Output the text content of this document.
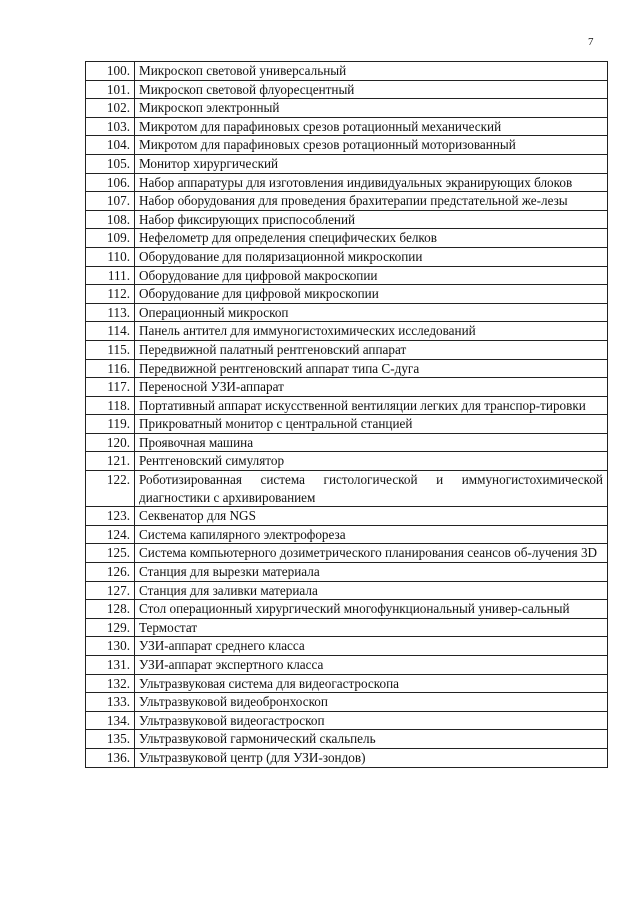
7
100.	Микроскоп световой универсальный
101.	Микроскоп световой флуоресцентный
102.	Микроскоп электронный
103.	Микротом для парафиновых срезов ротационный механический
104.	Микротом для парафиновых срезов ротационный моторизованный
105.	Монитор хирургический
106.	Набор аппаратуры для изготовления индивидуальных экранирующих блоков
107.	Набор оборудования для проведения брахитерапии предстательной же-лезы
108.	Набор фиксирующих приспособлений
109.	Нефелометр для определения специфических белков
110.	Оборудование для поляризационной микроскопии
111.	Оборудование для цифровой макроскопии
112.	Оборудование для цифровой микроскопии
113.	Операционный микроскоп
114.	Панель антител для иммуногистохимических исследований
115.	Передвижной палатный рентгеновский аппарат
116.	Передвижной рентгеновский аппарат типа С-дуга
117.	Переносной УЗИ-аппарат
118.	Портативный аппарат искусственной вентиляции легких для транспор-тировки
119.	Прикроватный монитор с центральной станцией
120.	Проявочная машина
121.	Рентгеновский симулятор
122.	Роботизированная система гистологической и иммуногистохимической диагностики с архивированием
123.	Секвенатор для NGS
124.	Система капилярного электрофореза
125.	Система компьютерного дозиметрического планирования сеансов об-лучения 3D
126.	Станция для вырезки материала
127.	Станция для заливки материала
128.	Стол операционный хирургический многофункциональный универ-сальный
129.	Термостат
130.	УЗИ-аппарат среднего класса
131.	УЗИ-аппарат экспертного класса
132.	Ультразвуковая система для видеогастроскопа
133.	Ультразвуковой видеобронхоскоп
134.	Ультразвуковой видеогастроскоп
135.	Ультразвуковой гармонический скальпель
136.	Ультразвуковой центр (для УЗИ-зондов)
